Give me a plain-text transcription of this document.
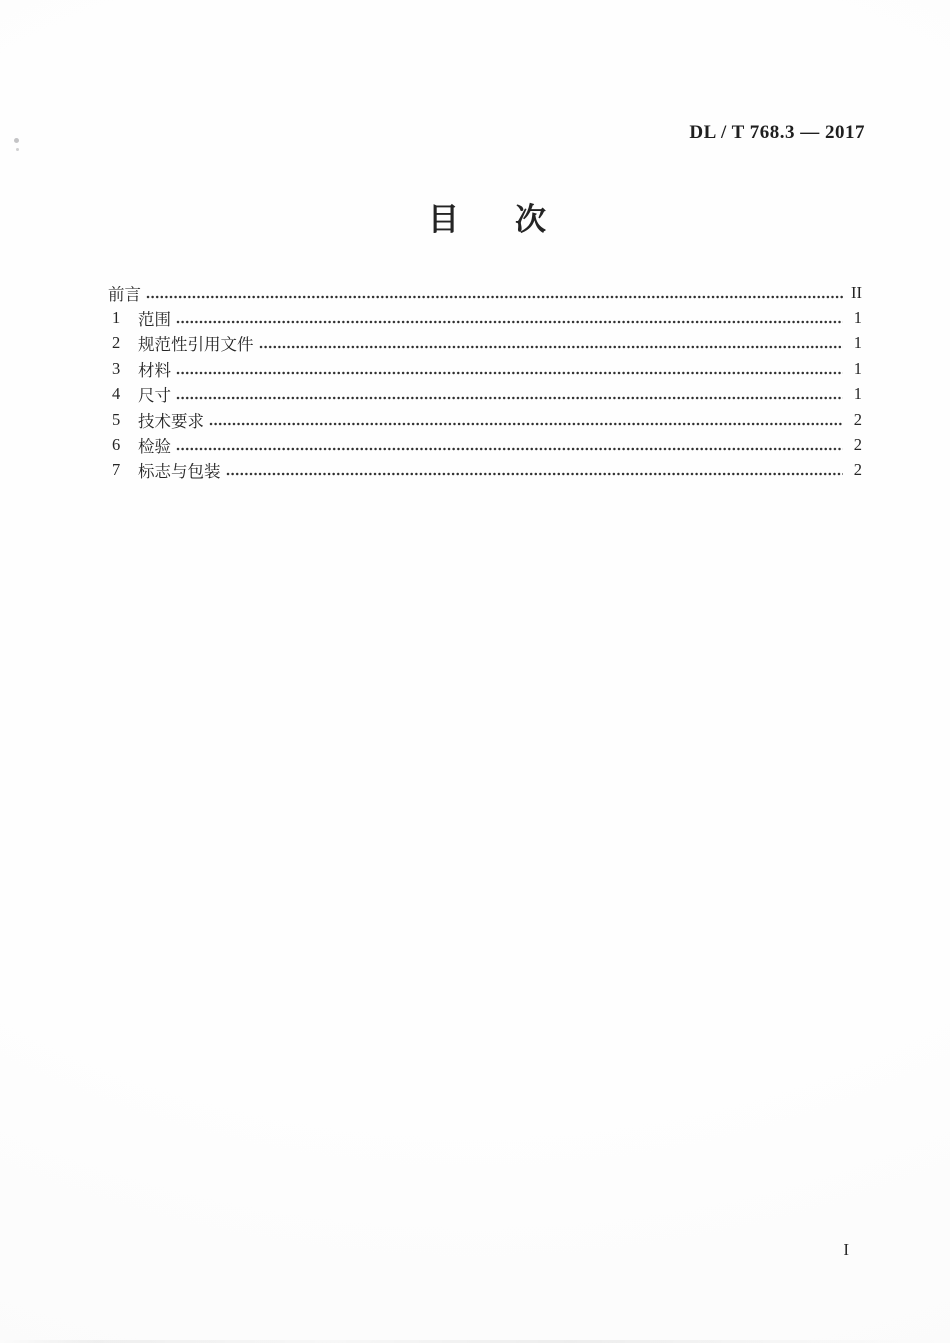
DL / T 768.3 — 2017
目 次
前言	II
1	范围	1
2	规范性引用文件	1
3	材料	1
4	尺寸	1
5	技术要求	2
6	检验	2
7	标志与包装	2
I
